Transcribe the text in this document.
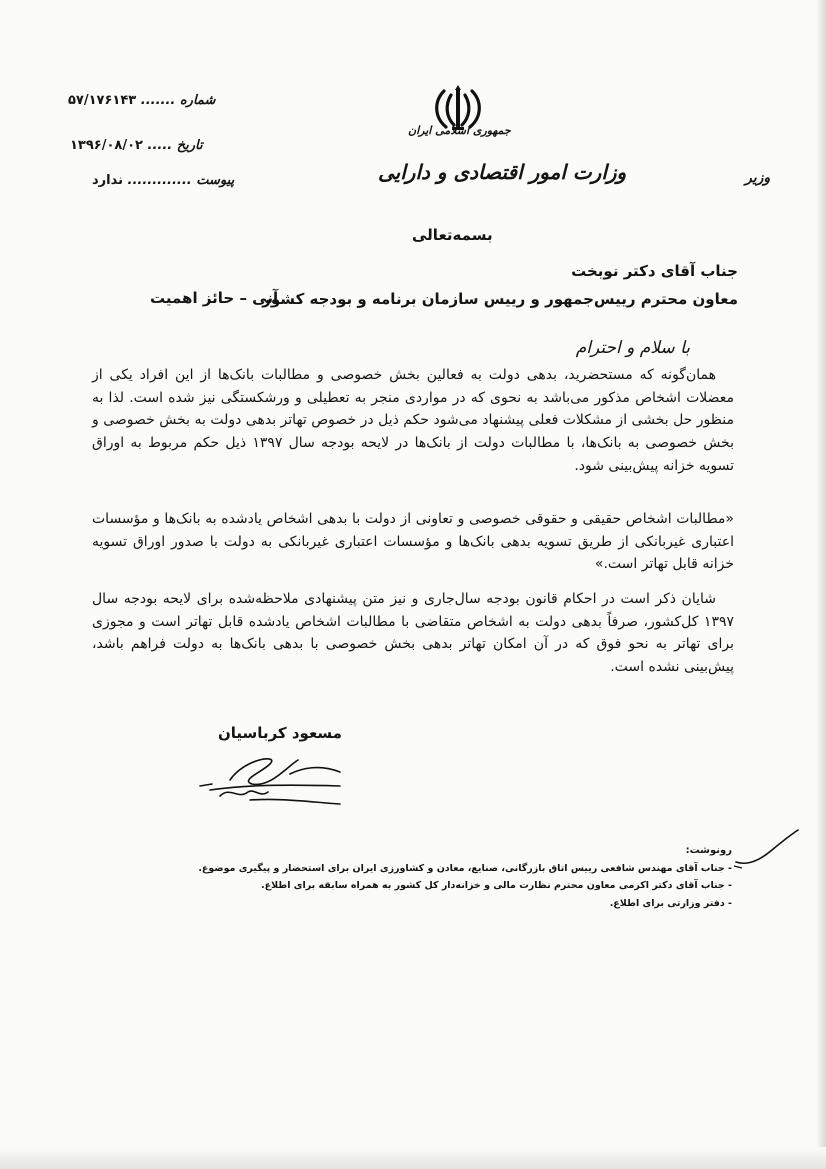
شماره ....... ۵۷/۱۷۶۱۴۳
تاریخ ..... ۱۳۹۶/۰۸/۰۲
پیوست ............. ندارد
جمهوری اسلامی ایران
وزارت امور اقتصادی و دارایی	وزیر
بسمه‌تعالی
جناب آقای دکتر نوبخت
معاون محترم رییس‌جمهور و رییس سازمان برنامه و بودجه کشور
آنی – حائز اهمیت
با سلام و احترام
همان‌گونه که مستحضرید، بدهی دولت به فعالین بخش خصوصی و مطالبات بانک‌ها از این افراد یکی از معضلات اشخاص مذکور می‌باشد به نحوی که در مواردی منجر به تعطیلی و ورشکستگی نیز شده است. لذا به منظور حل بخشی از مشکلات فعلی پیشنهاد می‌شود حکم ذیل در خصوص تهاتر بدهی دولت به بخش خصوصی و بخش خصوصی به بانک‌ها، با مطالبات دولت از بانک‌ها در لایحه بودجه سال ۱۳۹۷ ذیل حکم مربوط به اوراق تسویه خزانه پیش‌بینی شود.
«مطالبات اشخاص حقیقی و حقوقی خصوصی و تعاونی از دولت با بدهی اشخاص یادشده به بانک‌ها و مؤسسات اعتباری غیربانکی از طریق تسویه بدهی بانک‌ها و مؤسسات اعتباری غیربانکی به دولت با صدور اوراق تسویه خزانه قابل تهاتر است.»
شایان ذکر است در احکام قانون بودجه سال‌جاری و نیز متن پیشنهادی ملاحظه‌شده برای لایحه بودجه سال ۱۳۹۷ کل‌کشور، صرفاً بدهی دولت به اشخاص متقاضی با مطالبات اشخاص یادشده قابل تهاتر است و مجوزی برای تهاتر به نحو فوق که در آن امکان تهاتر بدهی بخش خصوصی با بدهی بانک‌ها به دولت فراهم باشد، پیش‌بینی نشده است.
مسعود کرباسیان
رونوشت:
- جناب آقای مهندس شافعی رییس اتاق بازرگانی، صنایع، معادن و کشاورزی ایران برای استحضار و پیگیری موضوع.
- جناب آقای دکتر اکرمی معاون محترم نظارت مالی و خزانه‌دار کل کشور به همراه سابقه برای اطلاع.
- دفتر وزارتی برای اطلاع.
